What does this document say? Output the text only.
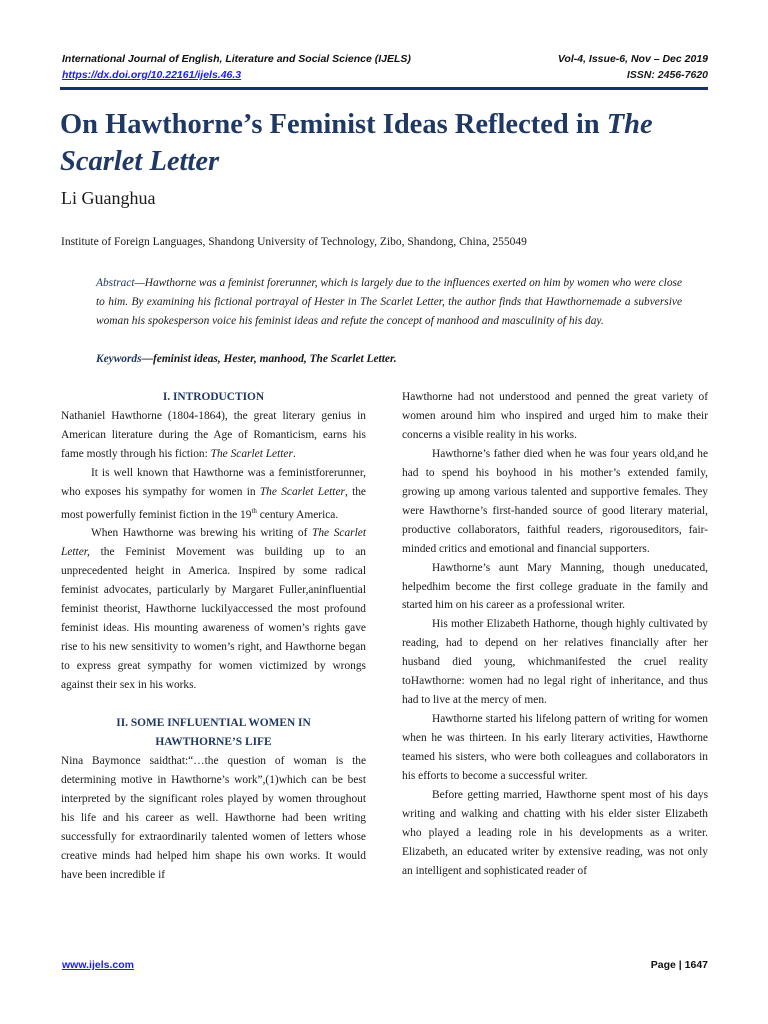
International Journal of English, Literature and Social Science (IJELS)	Vol-4, Issue-6, Nov – Dec 2019
https://dx.doi.org/10.22161/ijels.46.3	ISSN: 2456-7620
On Hawthorne’s Feminist Ideas Reflected in The Scarlet Letter
Li Guanghua
Institute of Foreign Languages, Shandong University of Technology, Zibo, Shandong, China, 255049
Abstract—Hawthorne was a feminist forerunner, which is largely due to the influences exerted on him by women who were close to him. By examining his fictional portrayal of Hester in The Scarlet Letter, the author finds that Hawthornemade a subversive woman his spokesperson voice his feminist ideas and refute the concept of manhood and masculinity of his day.
Keywords—feminist ideas, Hester, manhood, The Scarlet Letter.
I. INTRODUCTION

Nathaniel Hawthorne (1804-1864), the great literary genius in American literature during the Age of Romanticism, earns his fame mostly through his fiction: The Scarlet Letter.

It is well known that Hawthorne was a feministforerunner, who exposes his sympathy for women in The Scarlet Letter, the most powerfully feminist fiction in the 19th century America.

When Hawthorne was brewing his writing of The Scarlet Letter, the Feminist Movement was building up to an unprecedented height in America. Inspired by some radical feminist advocates, particularly by Margaret Fuller,aninfluential feminist theorist, Hawthorne luckilyaccessed the most profound feminist ideas. His mounting awareness of women’s rights gave rise to his new sensitivity to women’s right, and Hawthorne began to express great sympathy for women victimized by wrongs against their sex in his works.

II. SOME INFLUENTIAL WOMEN IN
HAWTHORNE’S LIFE

Nina Baymonce saidthat:“…the question of woman is the determining motive in Hawthorne’s work”,(1)which can be best interpreted by the significant roles played by women throughout his life and his career as well. Hawthorne had been writing successfully for extraordinarily talented women of letters whose creative minds had helped him shape his own works. It would have been incredible if

Hawthorne had not understood and penned the great variety of women around him who inspired and urged him to make their concerns a visible reality in his works.

Hawthorne’s father died when he was four years old,and he had to spend his boyhood in his mother’s extended family, growing up among various talented and supportive females. They were Hawthorne’s first-handed source of good literary material, productive collaborators, faithful readers, rigorouseditors, fair-minded critics and emotional and financial supporters.

Hawthorne’s aunt Mary Manning, though uneducated, helpedhim become the first college graduate in the family and started him on his career as a professional writer.

His mother Elizabeth Hathorne, though highly cultivated by reading, had to depend on her relatives financially after her husband died young, whichmanifested the cruel reality toHawthorne: women had no legal right of inheritance, and thus had to live at the mercy of men.

Hawthorne started his lifelong pattern of writing for women when he was thirteen. In his early literary activities, Hawthorne teamed his sisters, who were both colleagues and collaborators in his efforts to become a successful writer.

Before getting married, Hawthorne spent most of his days writing and walking and chatting with his elder sister Elizabeth who played a leading role in his developments as a writer. Elizabeth, an educated writer by extensive reading, was not only an intelligent and sophisticated reader of

www.ijels.com	Page | 1647
